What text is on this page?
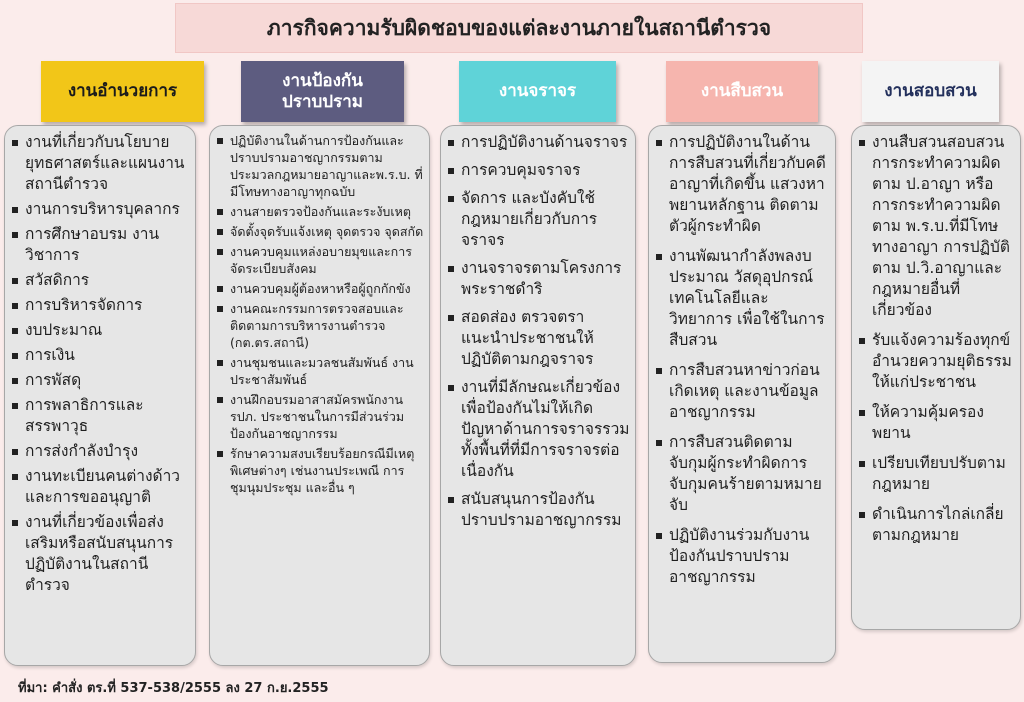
ภารกิจความรับผิดชอบของแต่ละงานภายในสถานีตำรวจ
งานอำนวยการ
งานที่เกี่ยวกับนโยบาย ยุทธศาสตร์และแผนงานสถานีตำรวจ
งานการบริหารบุคลากร
การศึกษาอบรม งานวิชาการ
สวัสดิการ
การบริหารจัดการ
งบประมาณ
การเงิน
การพัสดุ
การพลาธิการและสรรพาวุธ
การส่งกำลังบำรุง
งานทะเบียนคนต่างด้าวและการขออนุญาติ
งานที่เกี่ยวข้องเพื่อส่งเสริมหรือสนับสนุนการปฏิบัติงานในสถานีตำรวจ
งานป้องกันปราบปราม
ปฏิบัติงานในด้านการป้องกันและปราบปรามอาชญากรรมตามประมวลกฎหมายอาญาและพ.ร.บ. ที่มีโทษทางอาญาทุกฉบับ
งานสายตรวจป้องกันและระงับเหตุ
จัดตั้งจุดรับแจ้งเหตุ จุดตรวจ จุดสกัด
งานควบคุมแหล่งอบายมุขและการจัดระเบียบสังคม
งานควบคุมผู้ต้องหาหรือผู้ถูกกักขัง
งานคณะกรรมการตรวจสอบและติดตามการบริหารงานตำรวจ (กต.ตร.สถานี)
งานชุมชนและมวลชนสัมพันธ์ งานประชาสัมพันธ์
งานฝึกอบรมอาสาสมัครพนักงาน รปภ. ประชาชนในการมีส่วนร่วมป้องกันอาชญากรรม
รักษาความสงบเรียบร้อยกรณีมีเหตุพิเศษต่างๆ เช่นงานประเพณี การชุมนุมประชุม และอื่น ๆ
งานจราจร
การปฏิบัติงานด้านจราจร
การควบคุมจราจร
จัดการ และบังคับใช้กฎหมายเกี่ยวกับการจราจร
งานจราจรตามโครงการพระราชดำริ
สอดส่อง ตรวจตราแนะนำประชาชนให้ปฏิบัติตามกฎจราจร
งานที่มีลักษณะเกี่ยวข้อง เพื่อป้องกันไม่ให้เกิดปัญหาด้านการจราจรรวมทั้งพื้นที่ที่มีการจราจรต่อเนื่องกัน
สนับสนุนการป้องกันปราบปรามอาชญากรรม
งานสืบสวน
การปฏิบัติงานในด้านการสืบสวนที่เกี่ยวกับคดีอาญาที่เกิดขึ้น แสวงหาพยานหลักฐาน ติดตามตัวผู้กระทำผิด
งานพัฒนากำลังพลงบประมาณ วัสดุอุปกรณ์ เทคโนโลยีและวิทยาการ เพื่อใช้ในการสืบสวน
การสืบสวนหาข่าวก่อนเกิดเหตุ และงานข้อมูลอาชญากรรม
การสืบสวนติดตามจับกุมผู้กระทำผิดการจับกุมคนร้ายตามหมายจับ
ปฏิบัติงานร่วมกับงานป้องกันปราบปรามอาชญากรรม
งานสอบสวน
งานสืบสวนสอบสวนการกระทำความผิดตาม ป.อาญา หรือการกระทำความผิดตาม พ.ร.บ.ที่มีโทษทางอาญา การปฏิบัติตาม ป.วิ.อาญาและกฎหมายอื่นที่เกี่ยวข้อง
รับแจ้งความร้องทุกข์ อำนวยความยุติธรรมให้แก่ประชาชน
ให้ความคุ้มครองพยาน
เปรียบเทียบปรับตามกฎหมาย
ดำเนินการไกล่เกลี่ยตามกฎหมาย
ที่มา: คำสั่ง ตร.ที่ 537-538/2555 ลง 27 ก.ย.2555
